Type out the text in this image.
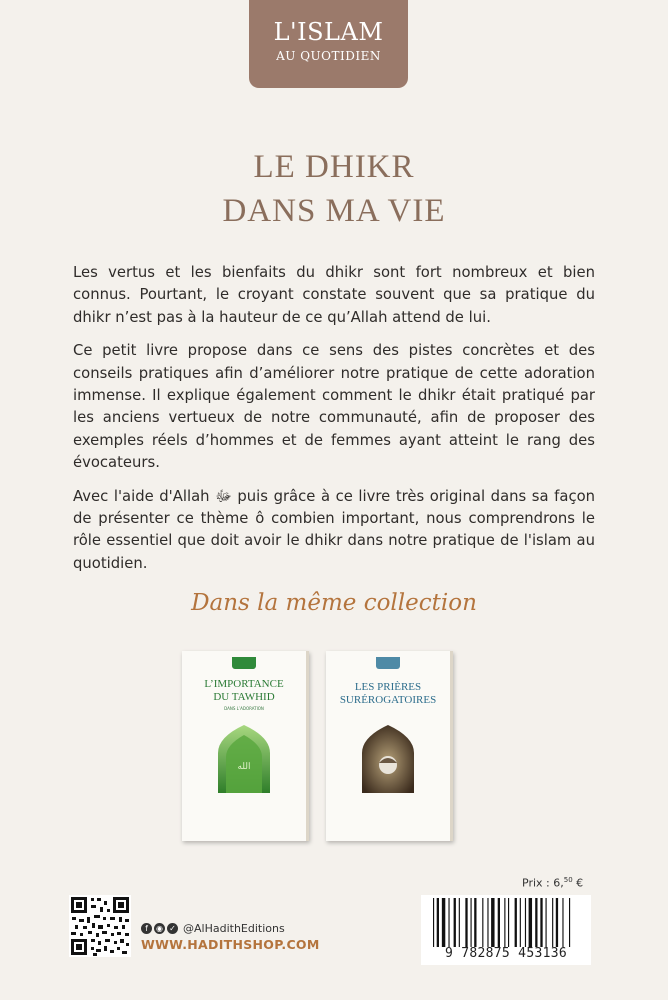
L'ISLAM
AU QUOTIDIEN
LE DHIKR
DANS MA VIE

Les vertus et les bienfaits du dhikr sont fort nombreux et bien connus. Pourtant, le croyant constate souvent que sa pratique du dhikr n’est pas à la hauteur de ce qu’Allah attend de lui.

Ce petit livre propose dans ce sens des pistes concrètes et des conseils pratiques afin d’améliorer notre pratique de cette adoration immense. Il explique également comment le dhikr était pratiqué par les anciens vertueux de notre communauté, afin de proposer des exemples réels d’hommes et de femmes ayant atteint le rang des évocateurs.

Avec l'aide d'Allah ﷻ puis grâce à ce livre très original dans sa façon de présenter ce thème ô combien important, nous comprendrons le rôle essentiel que doit avoir le dhikr dans notre pratique de l'islam au quotidien.

Dans la même collection
L’IMPORTANCE
DU TAWHID
DANS L’ADORATION
الله
LES PRIÈRES
SURÉROGATOIRES
f	◉ ✓ @AlHadithEditions
WWW.HADITHSHOP.COM
Prix : 6,50 €
9 782875 453136
